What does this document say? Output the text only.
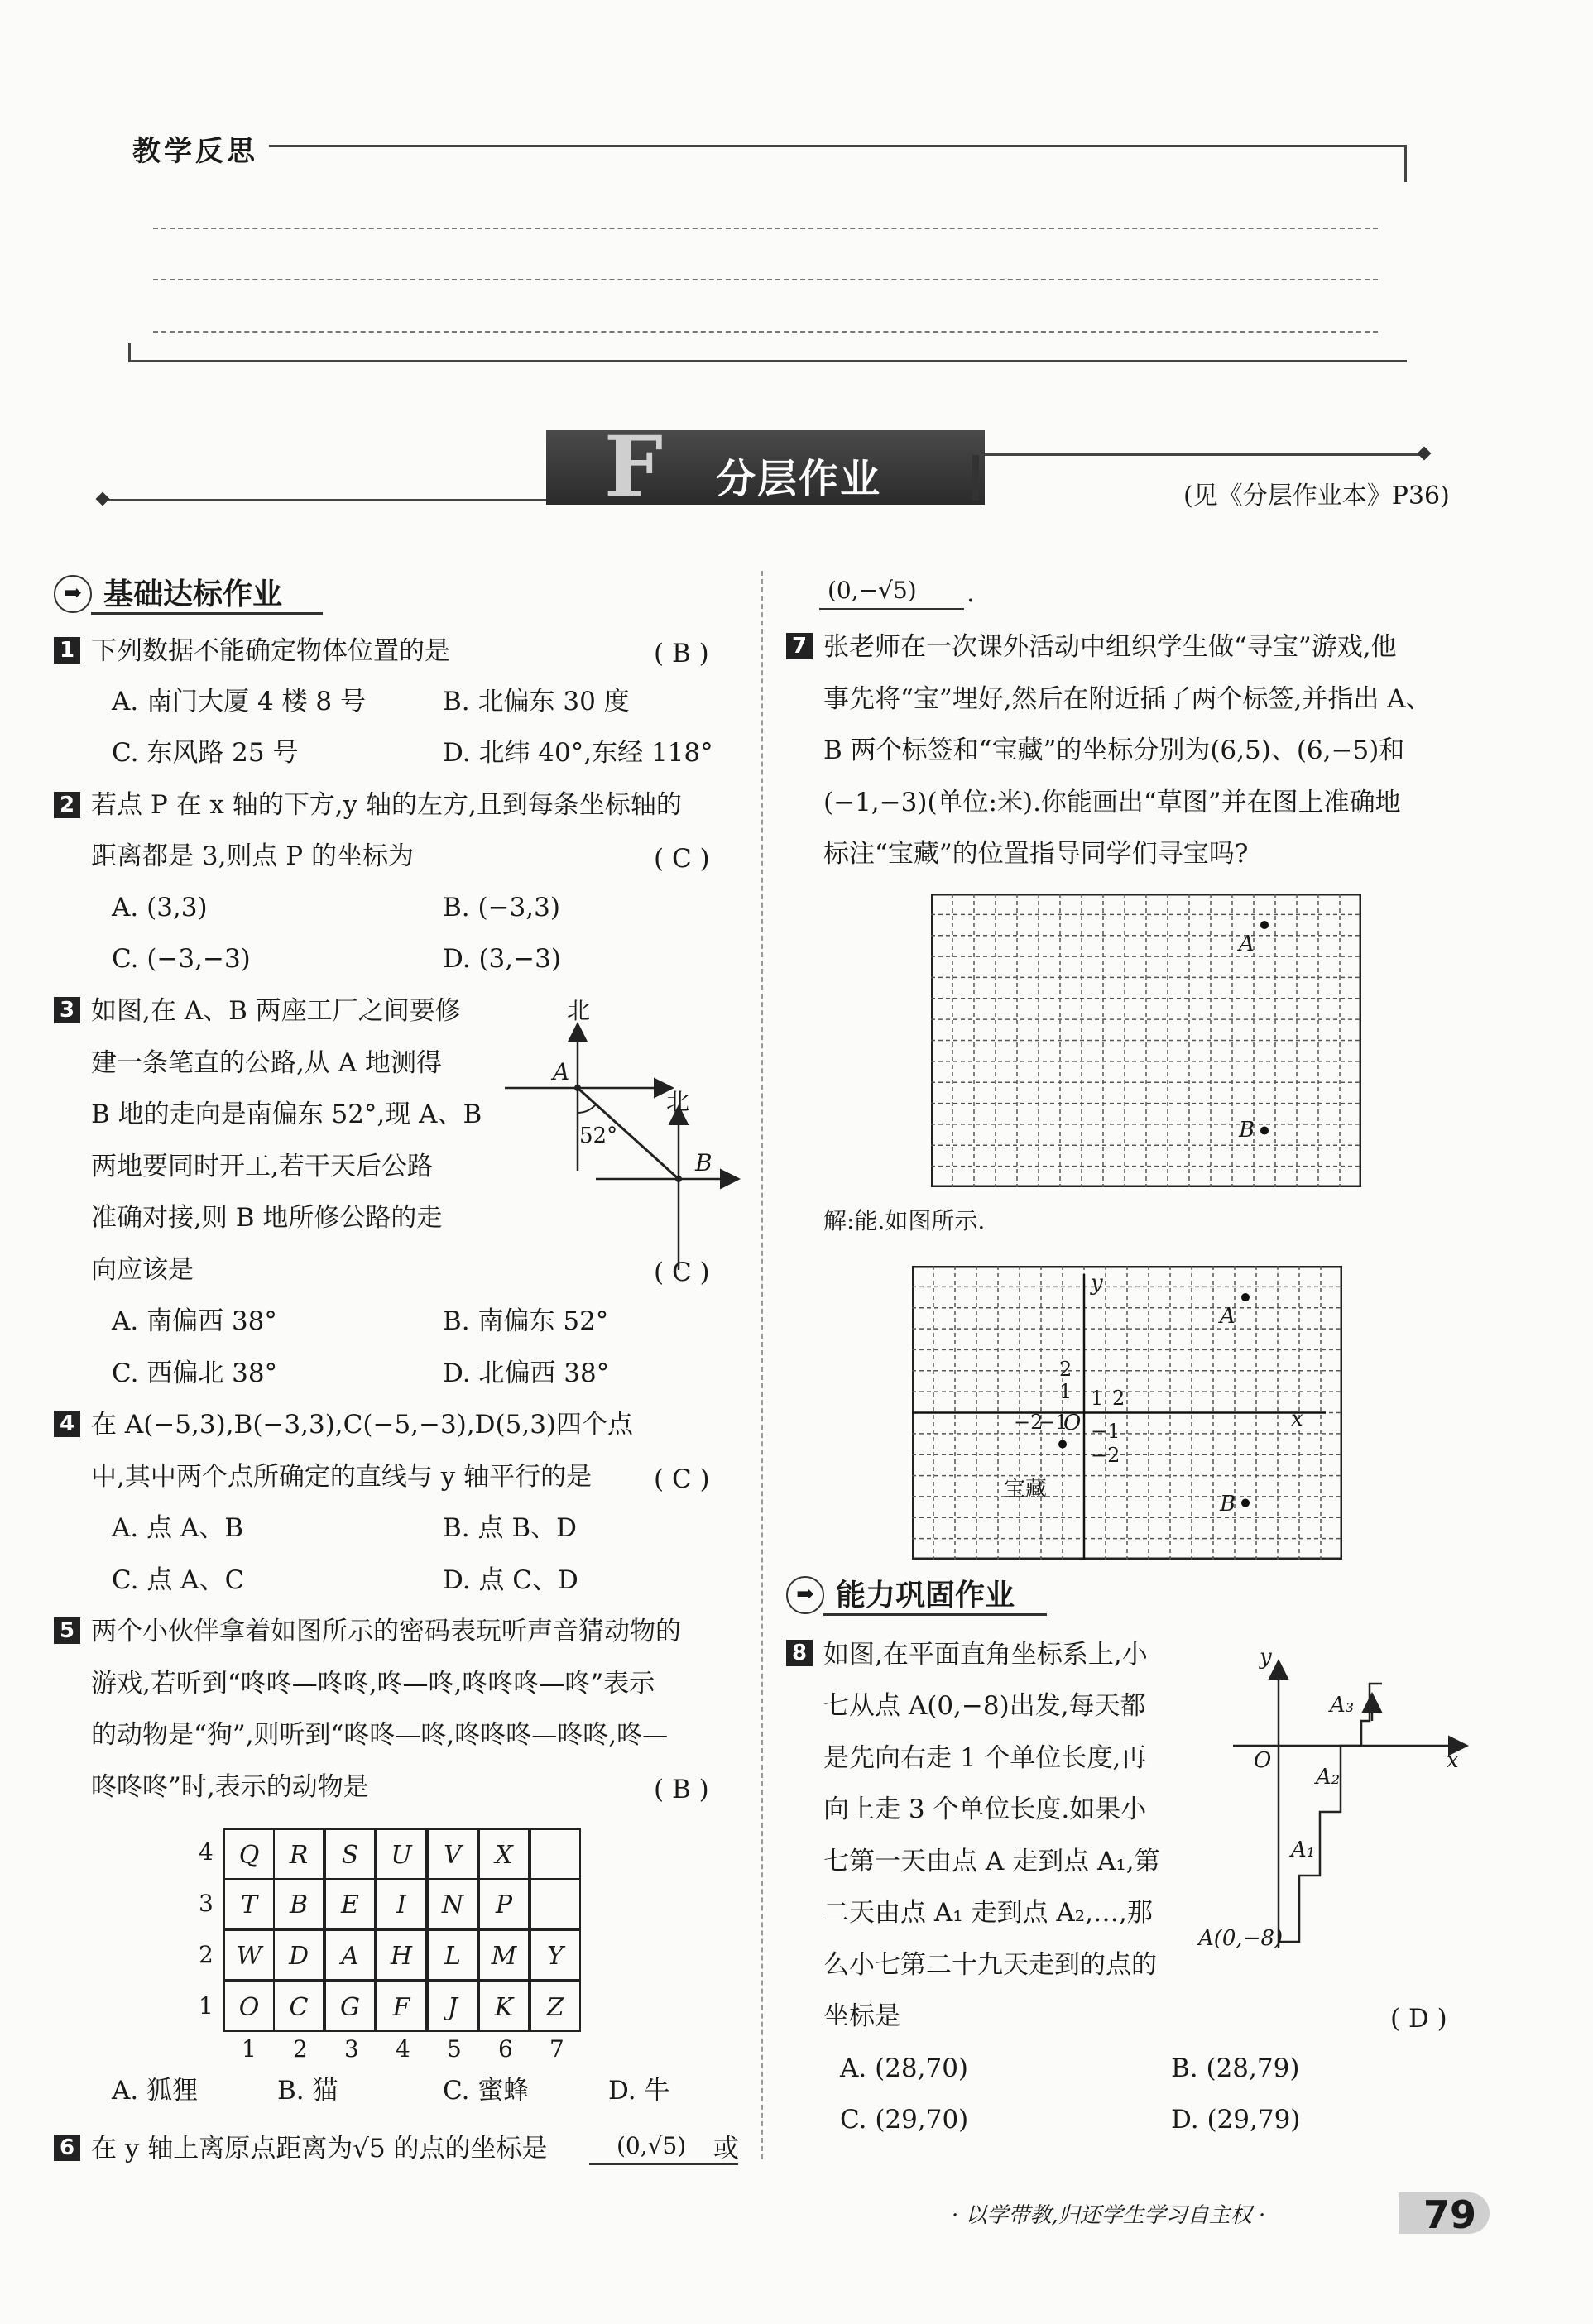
教学反思
F 分层作业	(见《分层作业本》P36)
➡ 基础达标作业
1 下列数据不能确定物体位置的是	( B )
A. 南门大厦 4 楼 8 号	B. 北偏东 30 度
C. 东风路 25 号	D. 北纬 40°,东经 118°
2 若点 P 在 x 轴的下方,y 轴的左方,且到每条坐标轴的
距离都是 3,则点 P 的坐标为	( C )
A. (3,3)	B. (−3,3)
C. (−3,−3)	D. (3,−3)
3 如图,在 A、B 两座工厂之间要修
建一条笔直的公路,从 A 地测得
B 地的走向是南偏东 52°,现 A、B
两地要同时开工,若干天后公路
准确对接,则 B 地所修公路的走
向应该是	( C )
北
北
A
B
52°
A. 南偏西 38°	B. 南偏东 52°
C. 西偏北 38°	D. 北偏西 38°
4 在 A(−5,3),B(−3,3),C(−5,−3),D(5,3)四个点
中,其中两个点所确定的直线与 y 轴平行的是 ( C )
A. 点 A、B	B. 点 B、D
C. 点 A、C	D. 点 C、D
5 两个小伙伴拿着如图所示的密码表玩听声音猜动物的
游戏,若听到“咚咚—咚咚,咚—咚,咚咚咚—咚”表示
的动物是“狗”,则听到“咚咚—咚,咚咚咚—咚咚,咚—
咚咚咚”时,表示的动物是	( B )
4	Q	R	S	U	V	X
3	T	B	E	I	N	P
2 W	D	A	H	L	M	Y
1	O	C	G	F	J	K	Z
1 2 3 4 5 6 7
A. 狐狸	B. 猫	C. 蜜蜂	D. 牛
6 在 y 轴上离原点距离为√5 的点的坐标是	(0,√5) 或
(0,−√5) .
7 张老师在一次课外活动中组织学生做“寻宝”游戏,他
事先将“宝”埋好,然后在附近插了两个标签,并指出 A、
B 两个标签和“宝藏”的坐标分别为(6,5)、(6,−5)和
(−1,−3)(单位:米).你能画出“草图”并在图上准确地
标注“宝藏”的位置指导同学们寻宝吗?
A
B
解:能.如图所示.
A
B
宝藏
y
x
O
2
1
−1
−2
1 2
−2
−1
➡ 能力巩固作业
8 如图,在平面直角坐标系上,小
七从点 A(0,−8)出发,每天都
是先向右走 1 个单位长度,再
向上走 3 个单位长度.如果小
七第一天由点 A 走到点 A₁,第
二天由点 A₁ 走到点 A₂,…,那
么小七第二十九天走到的点的
坐标是	( D )
y
x
O
A₃
A₂
A₁
A(0,−8)
A. (28,70)	B. (28,79)
C. (29,70)	D. (29,79)
· 以学带教,归还学生学习自主权 ·	79
